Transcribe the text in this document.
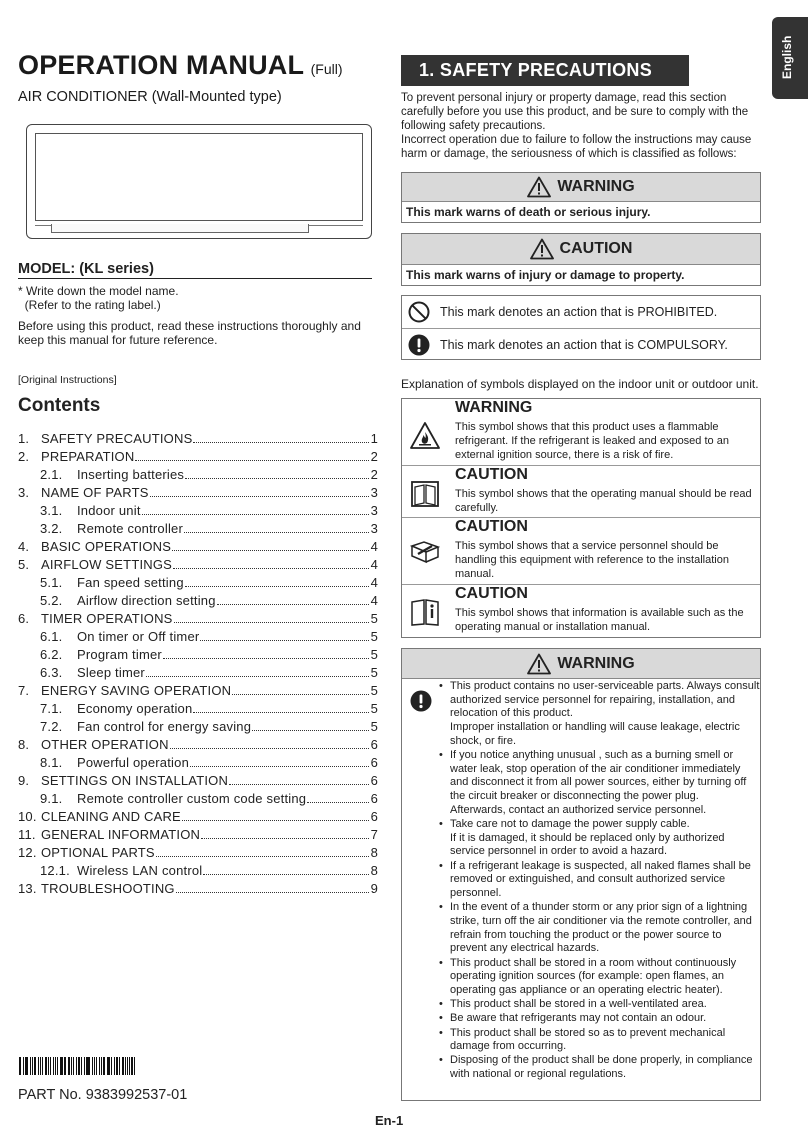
OPERATION MANUAL (Full)
AIR CONDITIONER (Wall-Mounted type)
MODEL: (KL series)
* Write down the model name.
(Refer to the rating label.)
Before using this product, read these instructions thoroughly and keep this manual for future reference.
[Original Instructions]
Contents
1. SAFETY PRECAUTIONS	1
2. PREPARATION	2
2.1.	Inserting batteries	2
3. NAME OF PARTS	3
3.1.	Indoor unit	3
3.2.	Remote controller	3
4. BASIC OPERATIONS	4
5. AIRFLOW SETTINGS	4
5.1.	Fan speed setting	4
5.2.	Airflow direction setting	4
6. TIMER OPERATIONS	5
6.1.	On timer or Off timer	5
6.2.	Program timer	5
6.3.	Sleep timer	5
7. ENERGY SAVING OPERATION	5
7.1.	Economy operation	5
7.2.	Fan control for energy saving	5
8. OTHER OPERATION	6
8.1.	Powerful operation	6
9. SETTINGS ON INSTALLATION	6
9.1.	Remote controller custom code setting	6
10. CLEANING AND CARE	6
11. GENERAL INFORMATION	7
12. OPTIONAL PARTS	8
12.1. Wireless LAN control	8
13. TROUBLESHOOTING	9
PART No. 9383992537-01
English
1. SAFETY PRECAUTIONS
To prevent personal injury or property damage, read this section carefully before you use this product, and be sure to comply with the following safety precautions.
Incorrect operation due to failure to follow the instructions may cause harm or damage, the seriousness of which is classified as follows:
WARNING
This mark warns of death or serious injury.
CAUTION
This mark warns of injury or damage to property.
This mark denotes an action that is PROHIBITED.
This mark denotes an action that is COMPULSORY.
Explanation of symbols displayed on the indoor unit or outdoor unit.
WARNING
This symbol shows that this product uses a flammable refrigerant. If the refrigerant is leaked and exposed to an external ignition source, there is a risk of fire.
CAUTION
This symbol shows that the operating manual should be read carefully.
CAUTION
This symbol shows that a service personnel should be handling this equipment with reference to the installation manual.
CAUTION
This symbol shows that information is available such as the operating manual or installation manual.
WARNING
• This product contains no user-serviceable parts. Always consult authorized service personnel for repairing, installation, and relocation of this product.
Improper installation or handling will cause leakage, electric shock, or fire.
• If you notice anything unusual , such as a burning smell or water leak, stop operation of the air conditioner immediately and disconnect it from all power sources, either by turning off the circuit breaker or disconnecting the power plug.
Afterwards, contact an authorized service personnel.
• Take care not to damage the power supply cable.
If it is damaged, it should be replaced only by authorized service personnel in order to avoid a hazard.
• If a refrigerant leakage is suspected, all naked flames shall be removed or extinguished, and consult authorized service personnel.
• In the event of a thunder storm or any prior sign of a lightning strike, turn off the air conditioner via the remote controller, and refrain from touching the product or the power source to prevent any electrical hazards.
• This product shall be stored in a room without continuously operating ignition sources (for example: open flames, an operating gas appliance or an operating electric heater).
• This product shall be stored in a well-ventilated area.
• Be aware that refrigerants may not contain an odour.
• This product shall be stored so as to prevent mechanical damage from occurring.
• Disposing of the product shall be done properly, in compliance with national or regional regulations.
En-1
